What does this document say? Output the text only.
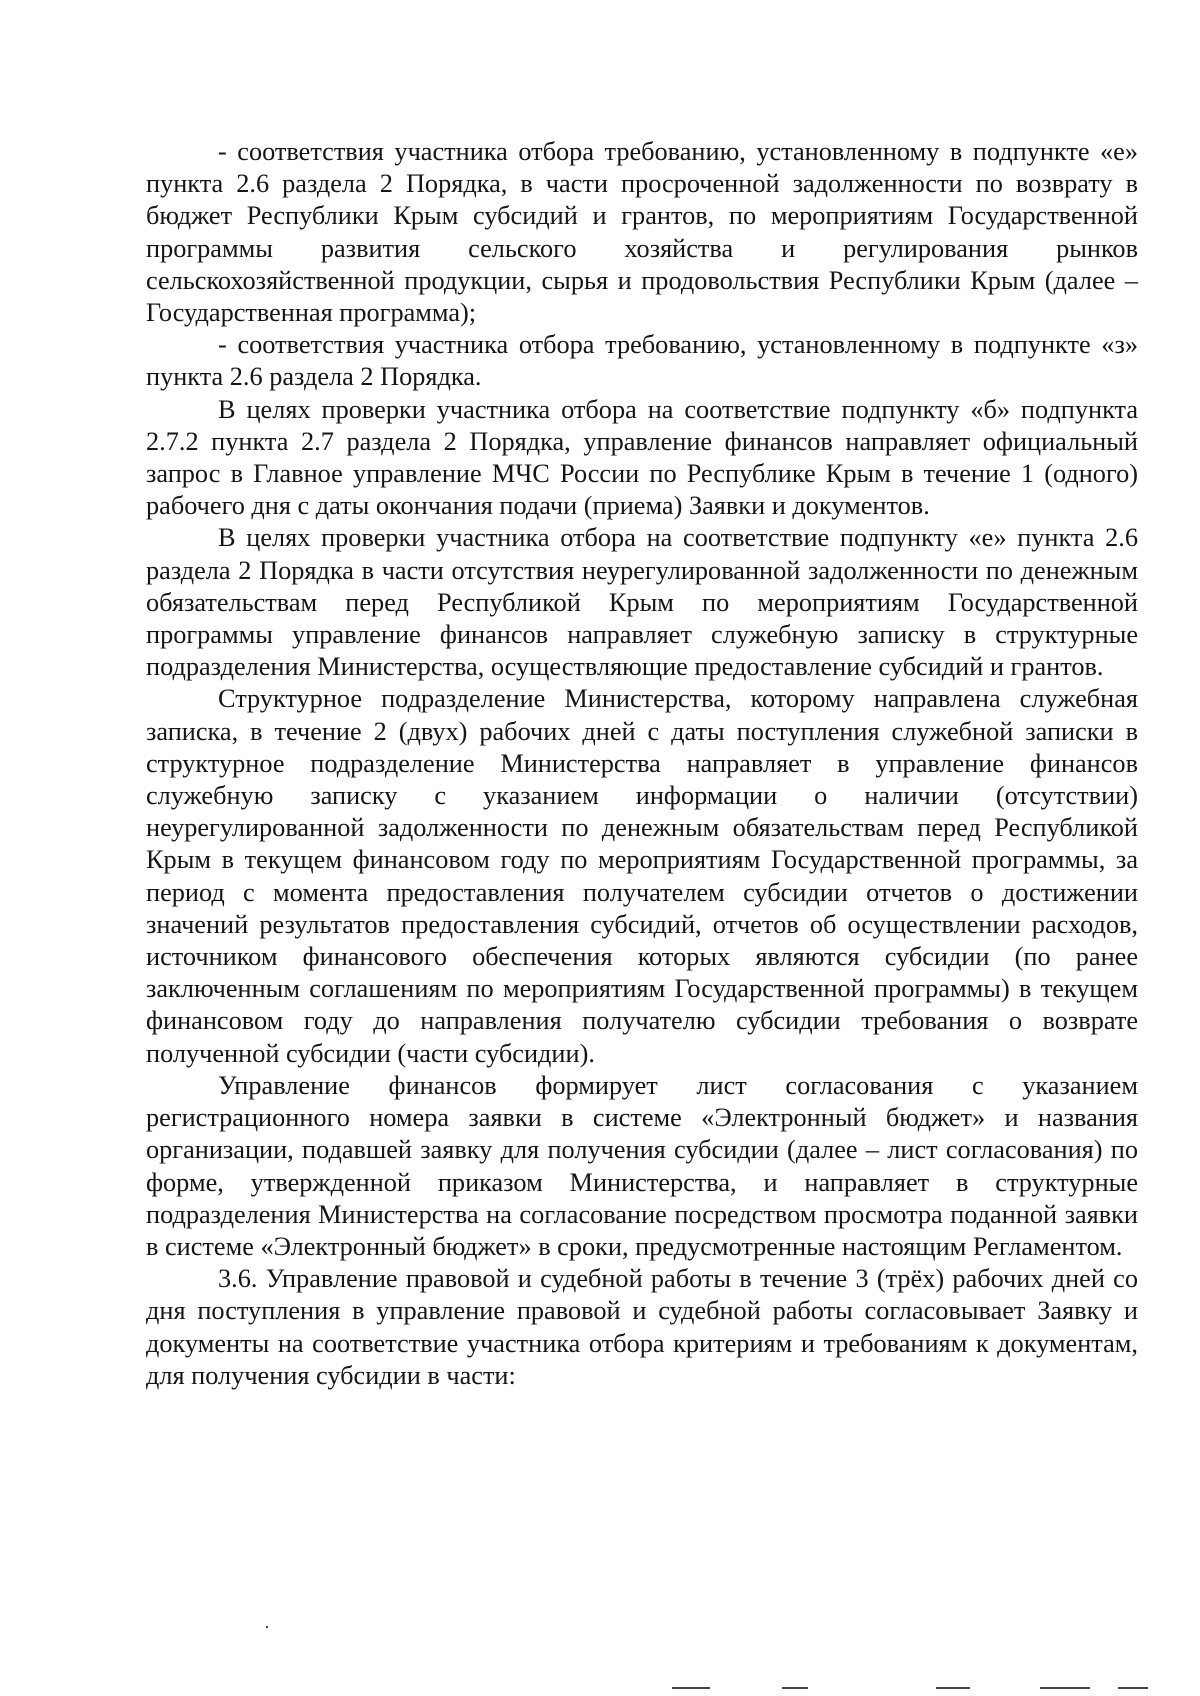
- соответствия участника отбора требованию, установленному в подпункте «е» пункта 2.6 раздела 2 Порядка, в части просроченной задолженности по возврату в бюджет Республики Крым субсидий и грантов, по мероприятиям Государственной программы развития сельского хозяйства и регулирования рынков сельскохозяйственной продукции, сырья и продовольствия Республики Крым (далее – Государственная программа);

- соответствия участника отбора требованию, установленному в подпункте «з» пункта 2.6 раздела 2 Порядка.

В целях проверки участника отбора на соответствие подпункту «б» подпункта 2.7.2 пункта 2.7 раздела 2 Порядка, управление финансов направляет официальный запрос в Главное управление МЧС России по Республике Крым в течение 1 (одного) рабочего дня с даты окончания подачи (приема) Заявки и документов.

В целях проверки участника отбора на соответствие подпункту «е» пункта 2.6 раздела 2 Порядка в части отсутствия неурегулированной задолженности по денежным обязательствам перед Республикой Крым по мероприятиям Государственной программы управление финансов направляет служебную записку в структурные подразделения Министерства, осуществляющие предоставление субсидий и грантов.

Структурное подразделение Министерства, которому направлена служебная записка, в течение 2 (двух) рабочих дней с даты поступления служебной записки в структурное подразделение Министерства направляет в управление финансов служебную записку с указанием информации о наличии (отсутствии) неурегулированной задолженности по денежным обязательствам перед Республикой Крым в текущем финансовом году по мероприятиям Государственной программы, за период с момента предоставления получателем субсидии отчетов о достижении значений результатов предоставления субсидий, отчетов об осуществлении расходов, источником финансового обеспечения которых являются субсидии (по ранее заключенным соглашениям по мероприятиям Государственной программы) в текущем финансовом году до направления получателю субсидии требования о возврате полученной субсидии (части субсидии).

Управление финансов формирует лист согласования с указанием регистрационного номера заявки в системе «Электронный бюджет» и названия организации, подавшей заявку для получения субсидии (далее – лист согласования) по форме, утвержденной приказом Министерства, и направляет в структурные подразделения Министерства на согласование посредством просмотра поданной заявки в системе «Электронный бюджет» в сроки, предусмотренные настоящим Регламентом.

3.6. Управление правовой и судебной работы в течение 3 (трёх) рабочих дней со дня поступления в управление правовой и судебной работы согласовывает Заявку и документы на соответствие участника отбора критериям и требованиям к документам, для получения субсидии в части:
